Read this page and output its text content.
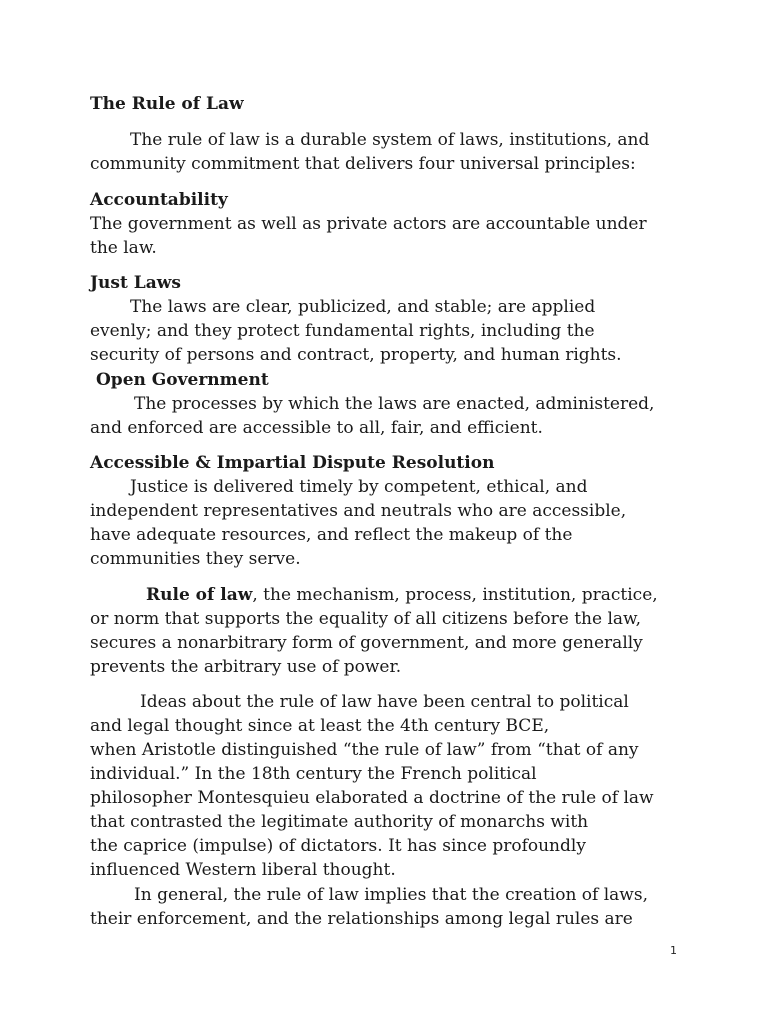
The Rule of Law

The rule of law is a durable system of laws, institutions, and

community commitment that delivers four universal principles:

Accountability

The government as well as private actors are accountable under

the law.

Just Laws

The laws are clear, publicized, and stable; are applied

evenly; and they protect fundamental rights, including the

security of persons and contract, property, and human rights.

Open Government

The processes by which the laws are enacted, administered,

and enforced are accessible to all, fair, and efficient.

Accessible & Impartial Dispute Resolution

Justice is delivered timely by competent, ethical, and

independent representatives and neutrals who are accessible,

have adequate resources, and reflect the makeup of the

communities they serve.

Rule of law, the mechanism, process, institution, practice,

or norm that supports the equality of all citizens before the law,

secures a nonarbitrary form of government, and more generally

prevents the arbitrary use of power.

Ideas about the rule of law have been central to political

and legal thought since at least the 4th century BCE,

when Aristotle distinguished “the rule of law” from “that of any

individual.” In the 18th century the French political

philosopher Montesquieu elaborated a doctrine of the rule of law

that contrasted the legitimate authority of monarchs with

the caprice (impulse) of dictators. It has since profoundly

influenced Western liberal thought.

In general, the rule of law implies that the creation of laws,

their enforcement, and the relationships among legal rules are

1
